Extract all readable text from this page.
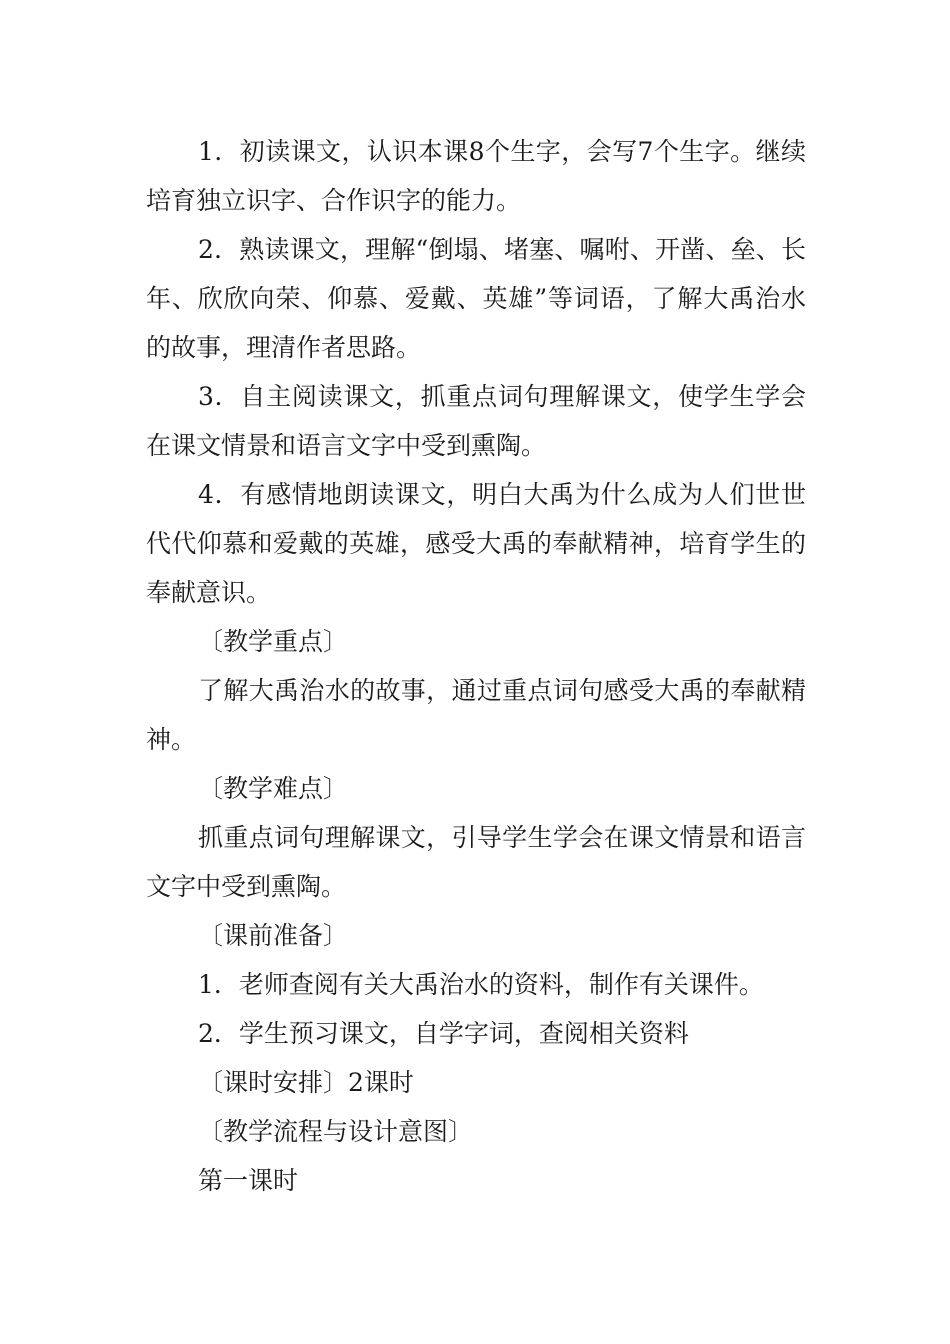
1．初读课文，认识本课8个生字，会写7个生字。继续培育独立识字、合作识字的能力。

2．熟读课文，理解“倒塌、堵塞、嘱咐、开凿、垒、长年、欣欣向荣、仰慕、爱戴、英雄”等词语，了解大禹治水的故事，理清作者思路。

3．自主阅读课文，抓重点词句理解课文，使学生学会在课文情景和语言文字中受到熏陶。

4．有感情地朗读课文，明白大禹为什么成为人们世世代代仰慕和爱戴的英雄，感受大禹的奉献精神，培育学生的奉献意识。

〔教学重点〕

了解大禹治水的故事，通过重点词句感受大禹的奉献精神。

〔教学难点〕

抓重点词句理解课文，引导学生学会在课文情景和语言文字中受到熏陶。

〔课前准备〕

1．老师查阅有关大禹治水的资料，制作有关课件。

2．学生预习课文，自学字词，查阅相关资料

〔课时安排〕2课时

〔教学流程与设计意图〕

第一课时
